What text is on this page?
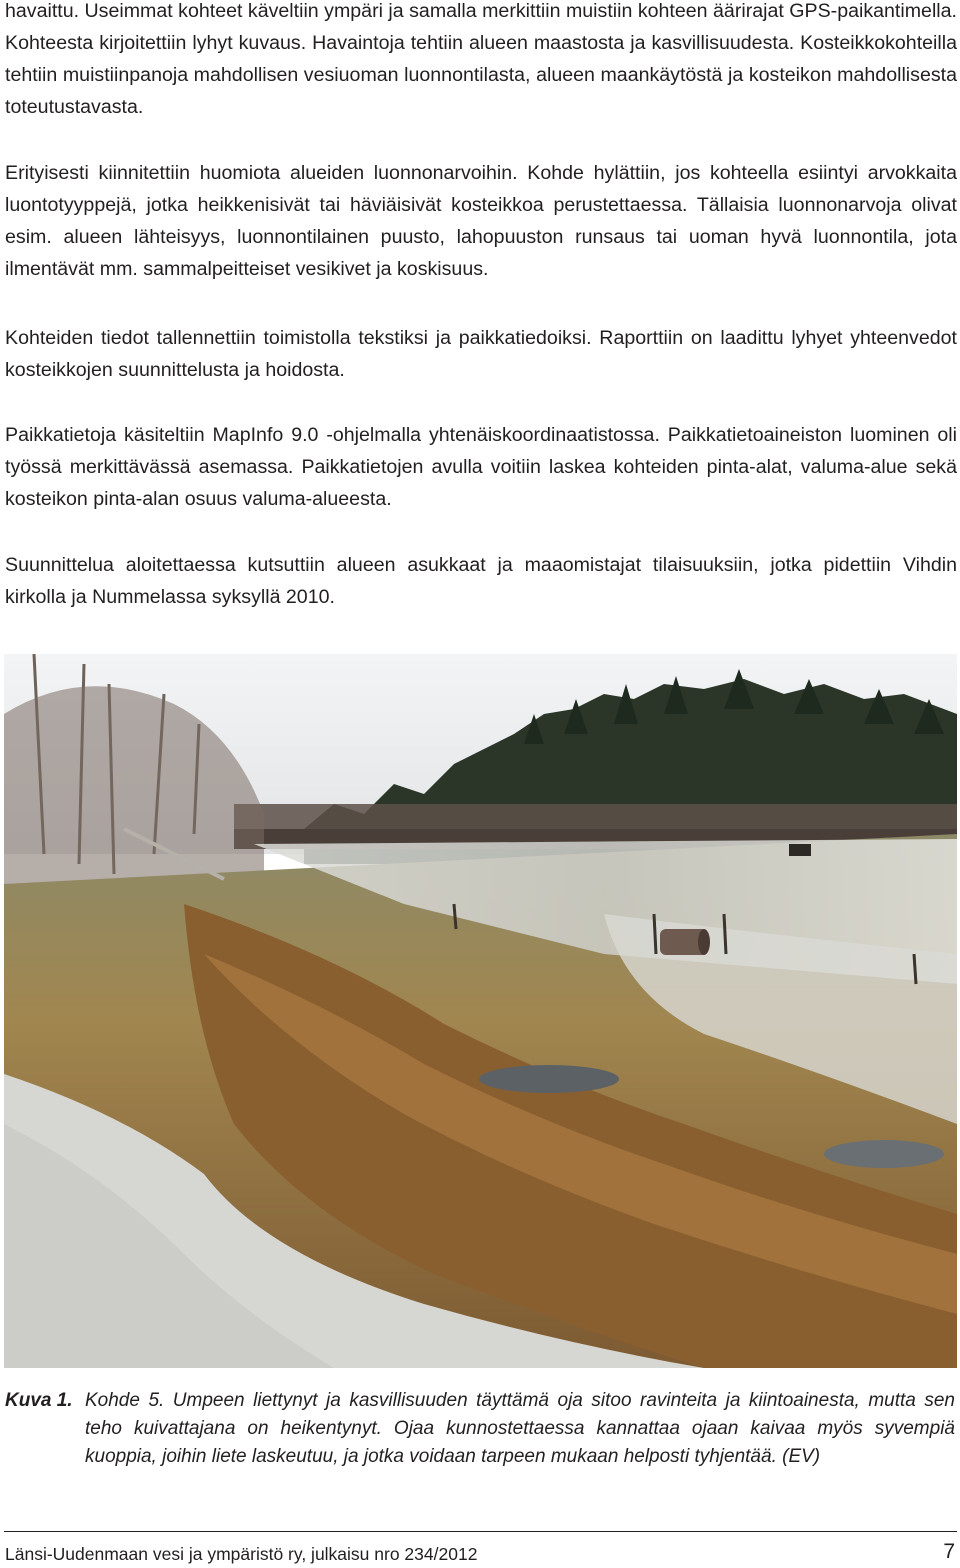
havaittu. Useimmat kohteet käveltiin ympäri ja samalla merkittiin muistiin kohteen äärirajat GPS-paikantimella. Kohteesta kirjoitettiin lyhyt kuvaus. Havaintoja tehtiin alueen maastosta ja kasvillisuudesta. Kosteikkokohteilla tehtiin muistiinpanoja mahdollisen vesiuoman luonnontilasta, alueen maankäytöstä ja kosteikon mahdollisesta toteutustavasta.

Erityisesti kiinnitettiin huomiota alueiden luonnonarvoihin. Kohde hylättiin, jos kohteella esiintyi arvokkaita luontotyyppejä, jotka heikkenisivät tai häviäisivät kosteikkoa perustettaessa. Tällaisia luonnonarvoja olivat esim. alueen lähteisyys, luonnontilainen puusto, lahopuuston runsaus tai uoman hyvä luonnontila, jota ilmentävät mm. sammalpeitteiset vesikivet ja koskisuus.

Kohteiden tiedot tallennettiin toimistolla tekstiksi ja paikkatiedoiksi. Raporttiin on laadittu lyhyet yhteenvedot kosteikkojen suunnittelusta ja hoidosta.

Paikkatietoja käsiteltiin MapInfo 9.0 -ohjelmalla yhtenäiskoordinaatistossa. Paikkatietoaineiston luominen oli työssä merkittävässä asemassa. Paikkatietojen avulla voitiin laskea kohteiden pinta-alat, valuma-alue sekä kosteikon pinta-alan osuus valuma-alueesta.

Suunnittelua aloitettaessa kutsuttiin alueen asukkaat ja maaomistajat tilaisuuksiin, jotka pidettiin Vihdin kirkolla ja Nummelassa syksyllä 2010.

Kuva 1. Kohde 5. Umpeen liettynyt ja kasvillisuuden täyttämä oja sitoo ravinteita ja kiintoainesta, mutta sen teho kuivattajana on heikentynyt. Ojaa kunnostettaessa kannattaa ojaan kaivaa myös syvempiä kuoppia, joihin liete laskeutuu, ja jotka voidaan tarpeen mukaan helposti tyhjentää. (EV)

Länsi-Uudenmaan vesi ja ympäristö ry, julkaisu nro 234/2012	7
